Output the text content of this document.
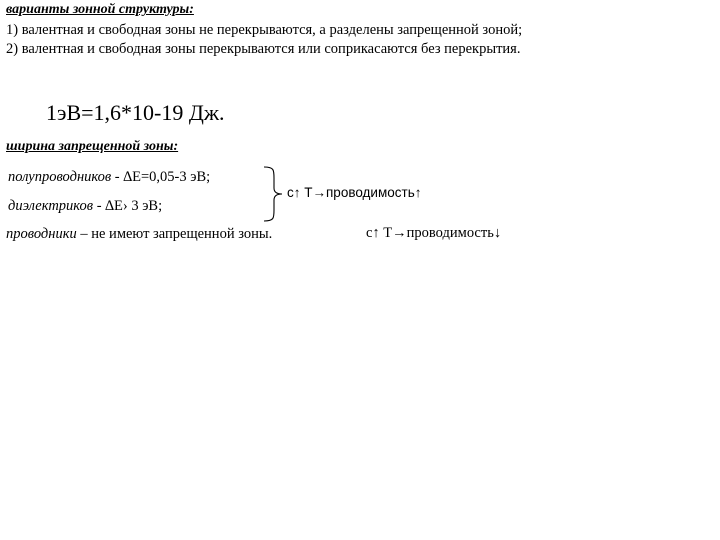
варианты зонной структуры:
1) валентная и свободная зоны не перекрываются, а разделены запрещенной зоной;
2) валентная и свободная зоны перекрываются или соприкасаются без перекрытия.
1эВ=1,6*10-19 Дж.
ширина запрещенной зоны:
полупроводников - ∆E=0,05-3 эВ;
диэлектриков - ∆E› 3 эВ;
с↑ Т→проводимость↑
проводники – не имеют запрещенной зоны.	с↑ Т→проводимость↓
